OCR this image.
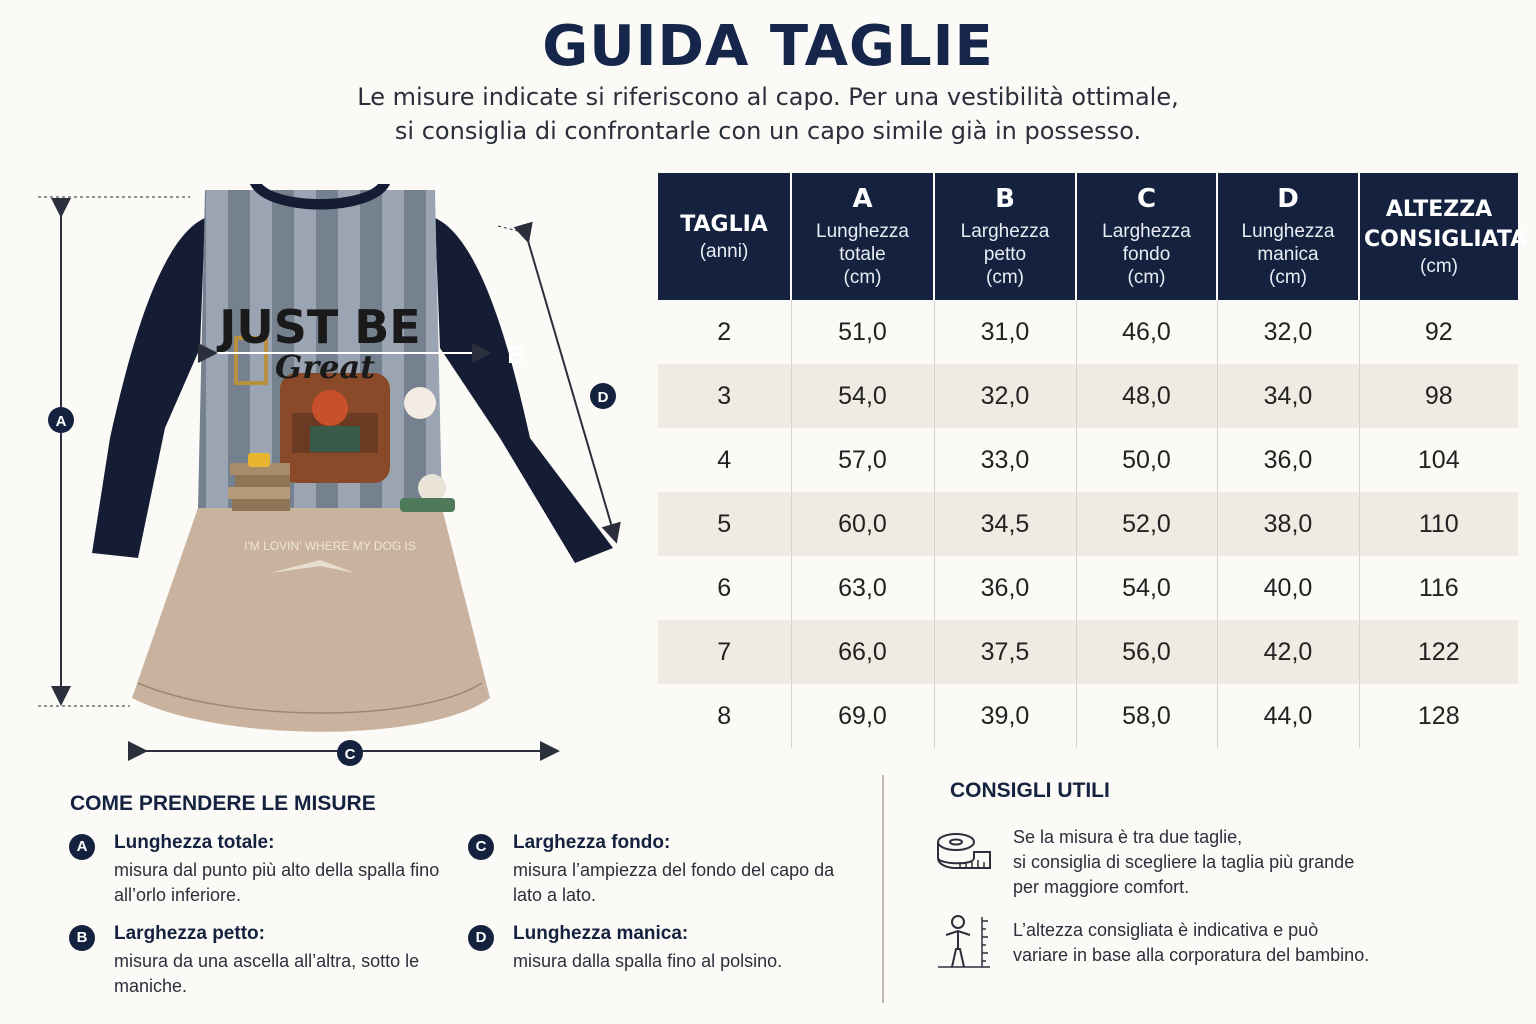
GUIDA TAGLIE
Le misure indicate si riferiscono al capo. Per una vestibilità ottimale,
si consiglia di confrontarle con un capo simile già in possesso.
JUST BE
Great
I'M LOVIN' WHERE MY DOG IS
A
B
C
D
TAGLIA
(anni)	A
Lunghezza
totale
(cm)	B
Larghezza
petto
(cm)	C
Larghezza
fondo
(cm)	D
Lunghezza
manica
(cm)	ALTEZZA
CONSIGLIATA
(cm)

2	51,0	31,0	46,0	32,0	92
3	54,0	32,0	48,0	34,0	98
4	57,0	33,0	50,0	36,0	104
5	60,0	34,5	52,0	38,0	110
6	63,0	36,0	54,0	40,0	116
7	66,0	37,5	56,0	42,0	122
8	69,0	39,0	58,0	44,0	128
COME PRENDERE LE MISURE
A	Lunghezza totale:
misura dal punto più alto della spalla fino all’orlo inferiore.
B	Larghezza petto:
misura da una ascella all’altra, sotto le maniche.
C	Larghezza fondo:
misura l’ampiezza del fondo del capo da lato a lato.
D	Lunghezza manica:
misura dalla spalla fino al polsino.
CONSIGLI UTILI
Se la misura è tra due taglie,
si consiglia di scegliere la taglia più grande
per maggiore comfort.
L’altezza consigliata è indicativa e può
variare in base alla corporatura del bambino.
